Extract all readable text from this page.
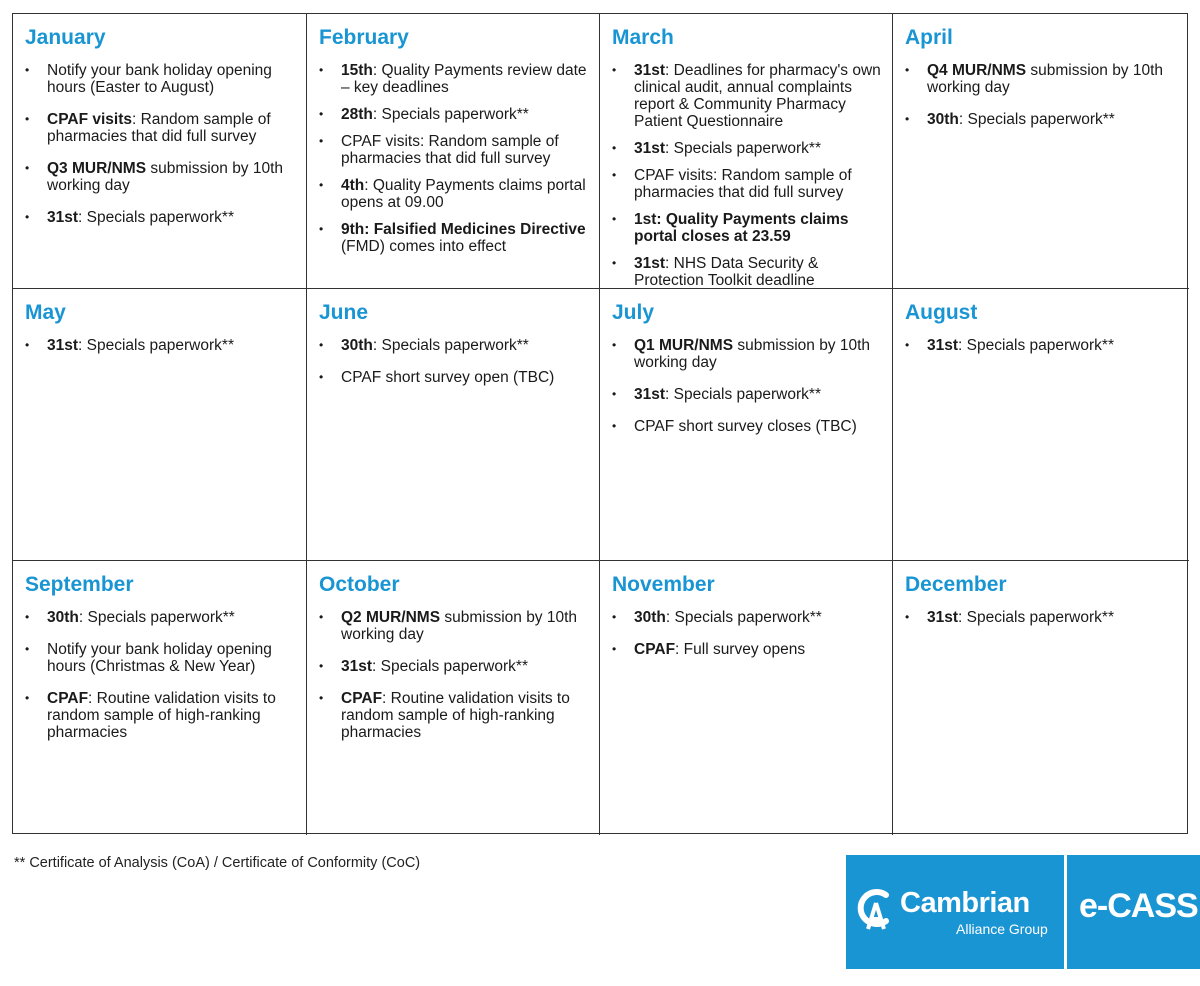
January
• Notify your bank holiday opening hours (Easter to August)
• CPAF visits: Random sample of pharmacies that did full survey
• Q3 MUR/NMS submission by 10th working day
• 31st: Specials paperwork**
February
• 15th: Quality Payments review date – key deadlines
• 28th: Specials paperwork**
• CPAF visits: Random sample of pharmacies that did full survey
• 4th: Quality Payments claims portal opens at 09.00
• 9th: Falsified Medicines Directive (FMD) comes into effect
March
• 31st: Deadlines for pharmacy's own clinical audit, annual complaints report & Community Pharmacy Patient Questionnaire
• 31st: Specials paperwork**
• CPAF visits: Random sample of pharmacies that did full survey
• 1st: Quality Payments claims portal closes at 23.59
• 31st: NHS Data Security & Protection Toolkit deadline
April
• Q4 MUR/NMS submission by 10th working day
• 30th: Specials paperwork**
May
• 31st: Specials paperwork**
June
• 30th: Specials paperwork**
• CPAF short survey open (TBC)
July
• Q1 MUR/NMS submission by 10th working day
• 31st: Specials paperwork**
• CPAF short survey closes (TBC)
August
• 31st: Specials paperwork**
September
• 30th: Specials paperwork**
• Notify your bank holiday opening hours (Christmas & New Year)
• CPAF: Routine validation visits to random sample of high-ranking pharmacies
October
• Q2 MUR/NMS submission by 10th working day
• 31st: Specials paperwork**
• CPAF: Routine validation visits to random sample of high-ranking pharmacies
November
• 30th: Specials paperwork**
• CPAF: Full survey opens
December
• 31st: Specials paperwork**
** Certificate of Analysis (CoA) / Certificate of Conformity (CoC)
Cambrian
Alliance Group
e-CASS
